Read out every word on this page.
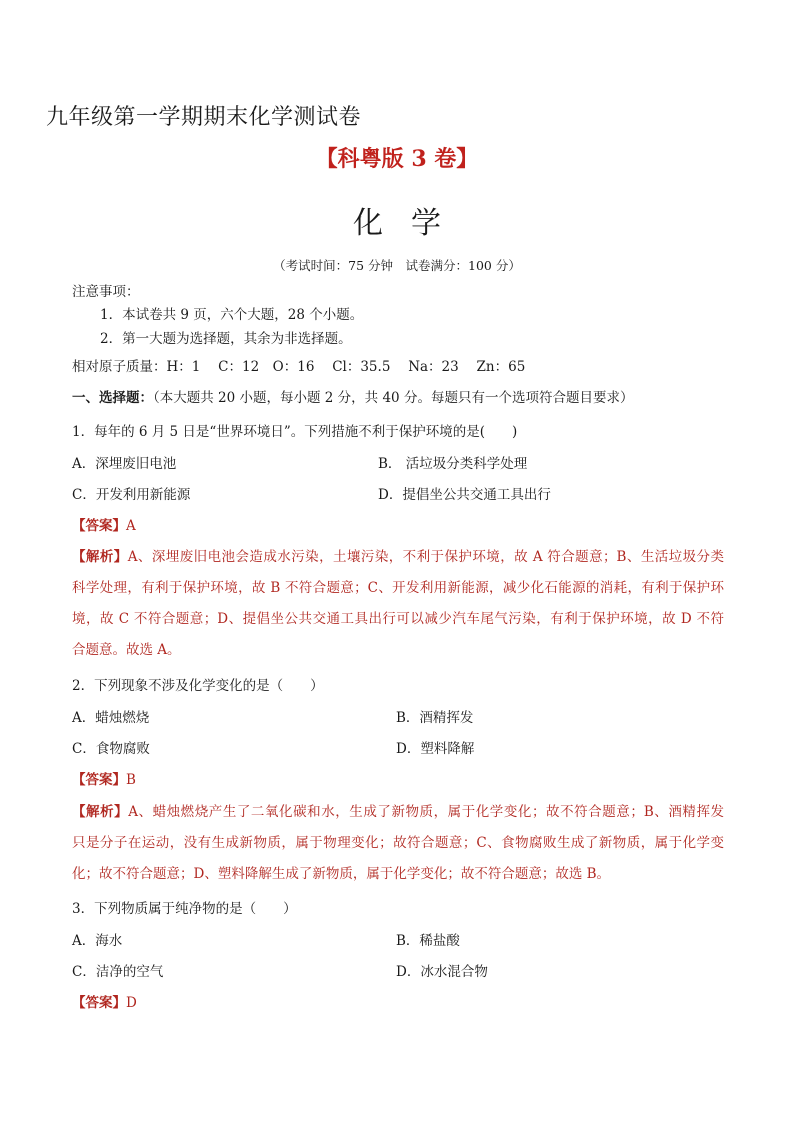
九年级第一学期期末化学测试卷
【科粤版 3 卷】
化学
（考试时间：75 分钟　试卷满分：100 分）
注意事项：
1．本试卷共 9 页，六个大题，28 个小题。
2．第一大题为选择题，其余为非选择题。
相对原子质量：H：1　 C：12　O：16　 Cl：35.5　 Na：23　 Zn：65
一、选择题：（本大题共 20 小题，每小题 2 分，共 40 分。每题只有一个选项符合题目要求）
1．每年的 6 月 5 日是“世界环境日”。下列措施不利于保护环境的是(　　)
A．深埋废旧电池	B． 活垃圾分类科学处理
C．开发利用新能源	D．提倡坐公共交通工具出行
【答案】A
【解析】A、深埋废旧电池会造成水污染，土壤污染，不利于保护环境，故 A 符合题意；B、生活垃圾分类
科学处理，有利于保护环境，故 B 不符合题意；C、开发利用新能源，减少化石能源的消耗，有利于保护环
境，故 C 不符合题意；D、提倡坐公共交通工具出行可以减少汽车尾气污染，有利于保护环境，故 D 不符
合题意。故选 A。
2．下列现象不涉及化学变化的是（　　）
A．蜡烛燃烧	B．酒精挥发
C．食物腐败	D．塑料降解
【答案】B
【解析】A、蜡烛燃烧产生了二氧化碳和水，生成了新物质，属于化学变化；故不符合题意；B、酒精挥发
只是分子在运动，没有生成新物质，属于物理变化；故符合题意；C、食物腐败生成了新物质，属于化学变
化；故不符合题意；D、塑料降解生成了新物质，属于化学变化；故不符合题意；故选 B。
3．下列物质属于纯净物的是（　　）
A．海水	B．稀盐酸
C．洁净的空气	D．冰水混合物
【答案】D
